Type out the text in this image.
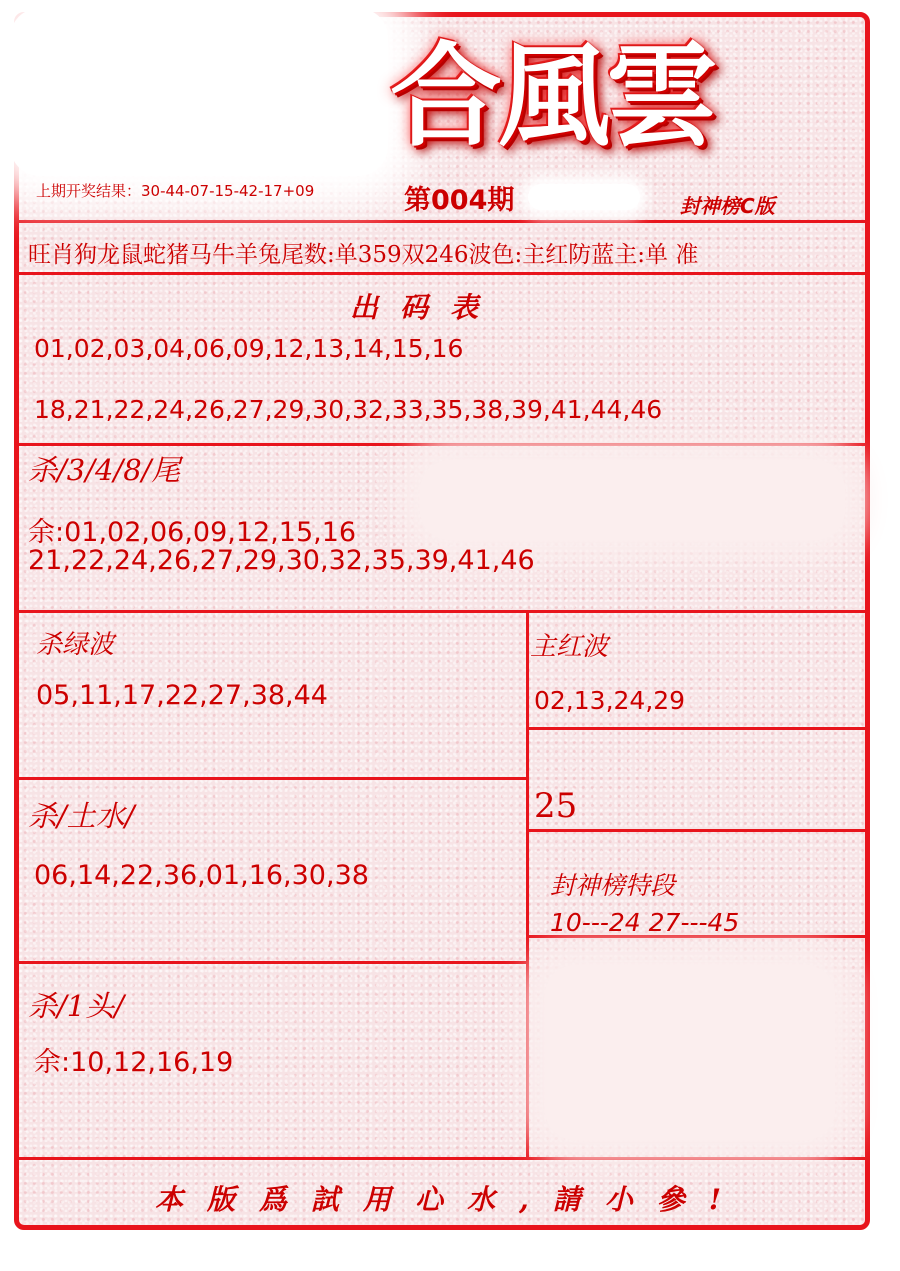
合風雲
上期开奖结果：30-44-07-15-42-17+09	第004期	封神榜C版
旺肖狗龙鼠蛇猪马牛羊兔尾数:单359双246波色:主红防蓝主:单 准
出码表
01,02,03,04,06,09,12,13,14,15,16
18,21,22,24,26,27,29,30,32,33,35,38,39,41,44,46
杀/3/4/8/尾
余:01,02,06,09,12,15,16
21,22,24,26,27,29,30,32,35,39,41,46
杀绿波
05,11,17,22,27,38,44
主红波
02,13,24,29
25
杀/土水/
06,14,22,36,01,16,30,38	封神榜特段
10---24 27---45
杀/1头/
余:10,12,16,19
本版爲試用心水,請小參!
